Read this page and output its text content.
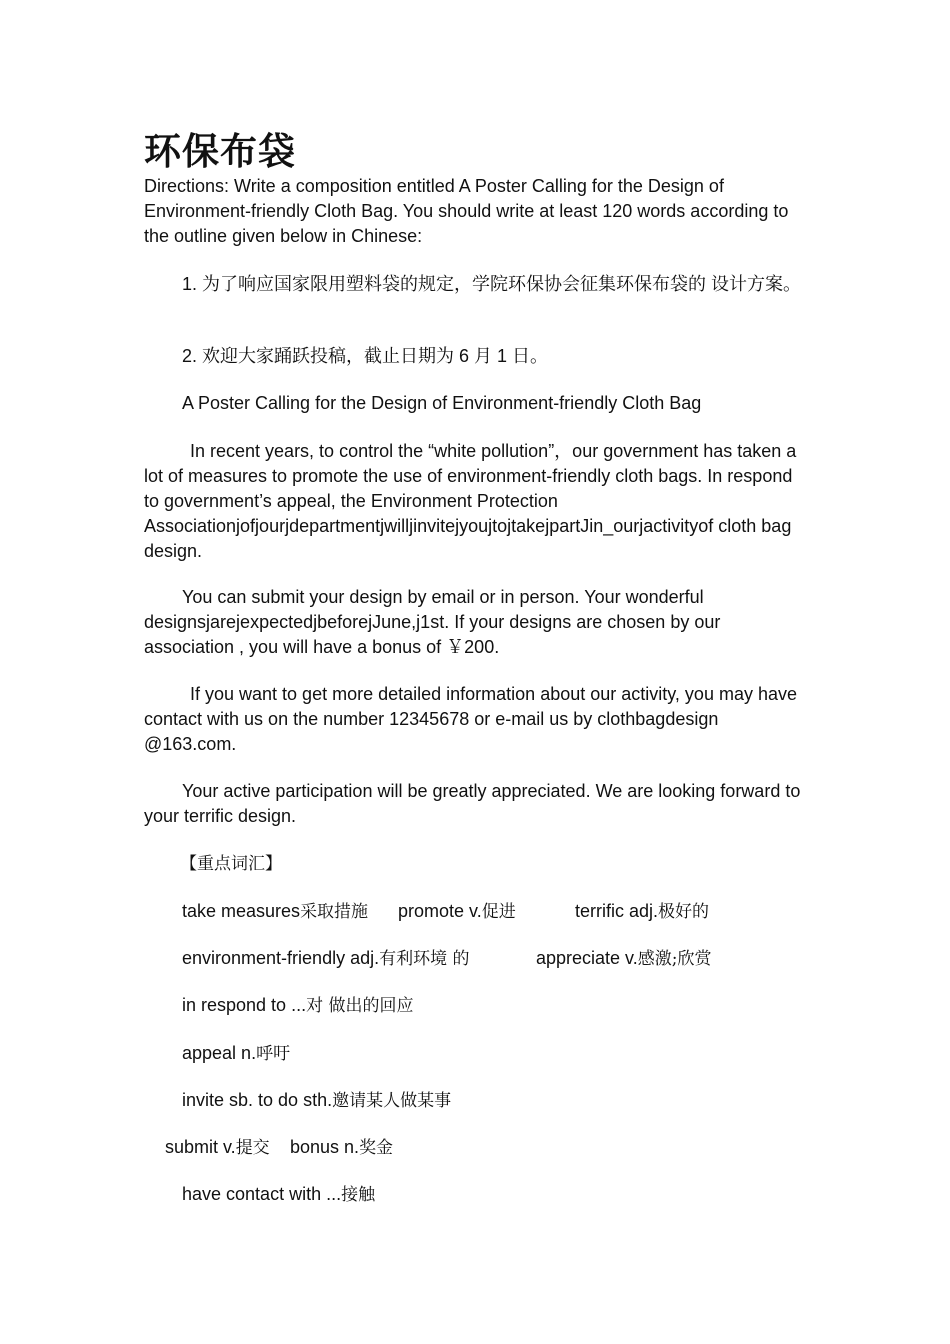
环保布袋
Directions: Write a composition entitled A Poster Calling for the Design of Environment-friendly Cloth Bag. You should write at least 120 words according to the outline given below in Chinese:
1. 为了响应国家限用塑料袋的规定，学院环保协会征集环保布袋的 设计方案。
2. 欢迎大家踊跃投稿，截止日期为 6 月 1 日。
A Poster Calling for the Design of Environment-friendly Cloth Bag
In recent years, to control the “white pollution”，our government has taken a lot of measures to promote the use of environment-friendly cloth bags. In respond to government’s appeal, the Environment Protection AssociationjofjourjdepartmentjwilljinvitejyoujtojtakejpartJin_ourjactivityof cloth bag design.
You can submit your design by email or in person. Your wonderful designsjarejexpectedjbeforejJune,j1st. If your designs are chosen by our association , you will have a bonus of ￥200.
If you want to get more detailed information about our activity, you may have contact with us on the number 12345678 or e-mail us by clothbagdesign @163.com.
Your active participation will be greatly appreciated. We are looking forward to your terrific design.
【重点词汇】
take measures采取措施 promote v.促进	terrific adj.极好的
environment-friendly adj.有利环境 的	appreciate v.感激;欣赏
in respond to ...对 做出的回应
appeal n.呼吁
invite sb. to do sth.邀请某人做某事
submit v.提交 bonus n.奖金
have contact with ...接触
